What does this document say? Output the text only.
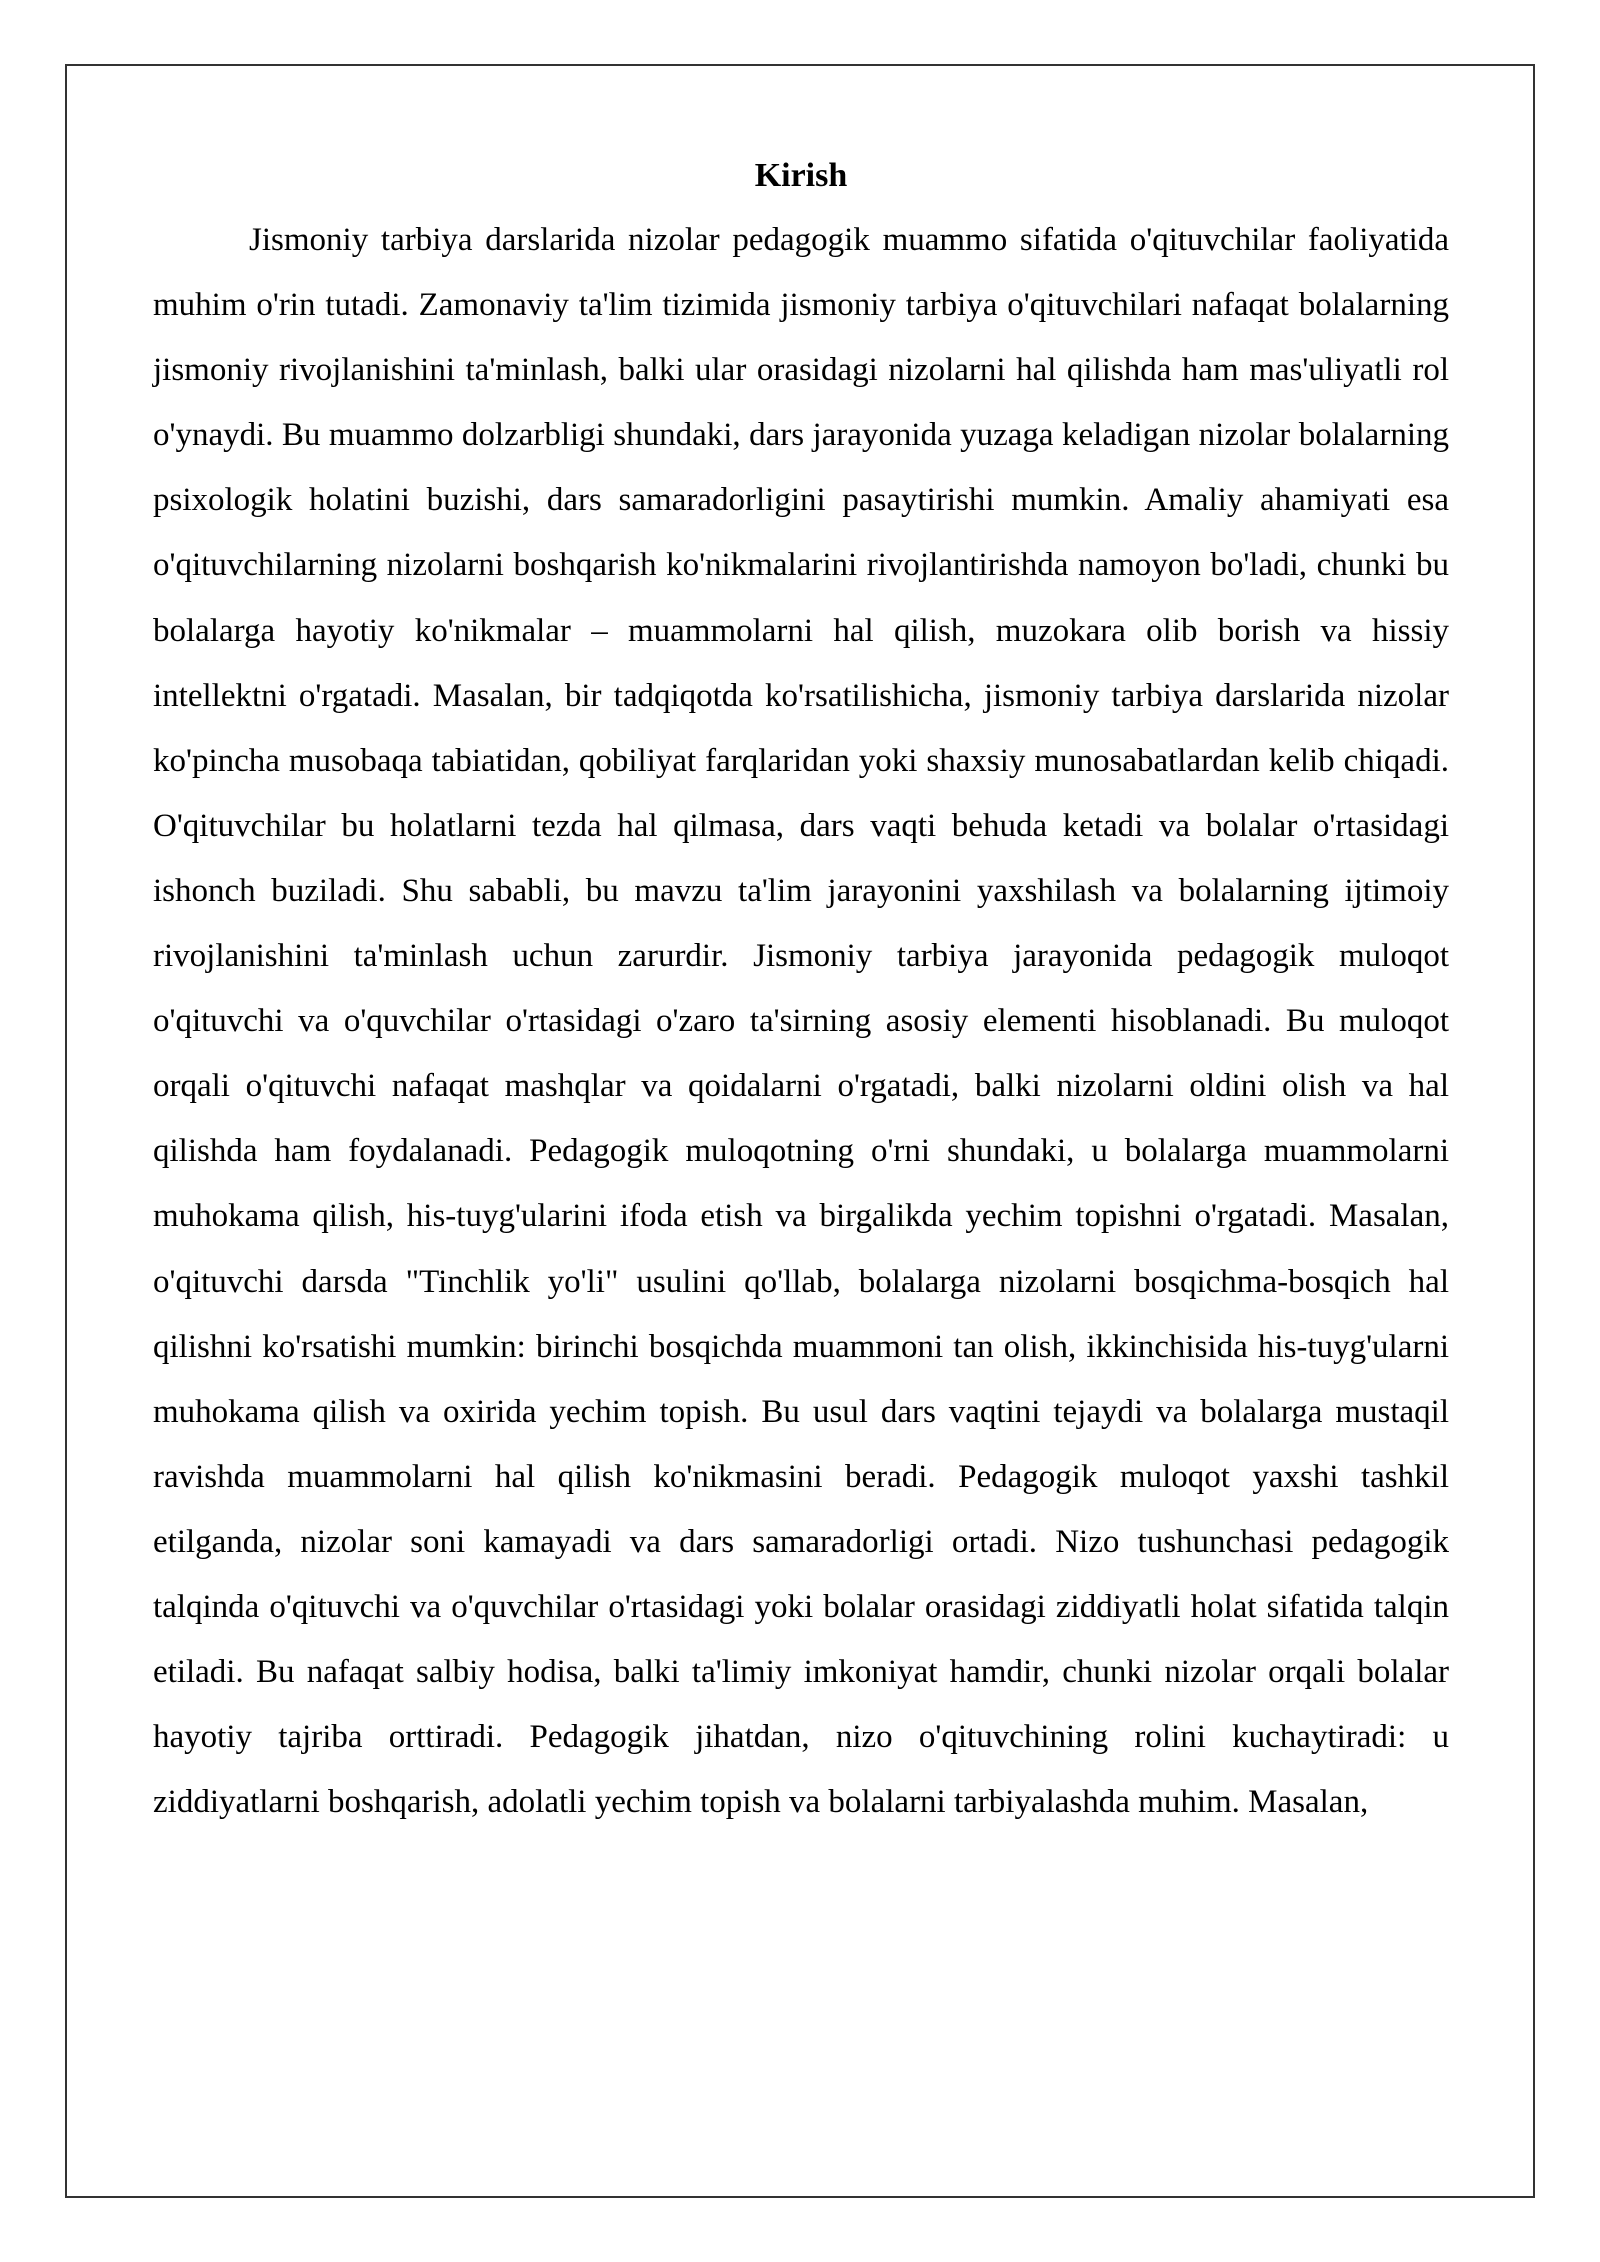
Kirish

Jismoniy tarbiya darslarida nizolar pedagogik muammo sifatida o'qituvchilar faoliyatida muhim o'rin tutadi. Zamonaviy ta'lim tizimida jismoniy tarbiya o'qituvchilari nafaqat bolalarning jismoniy rivojlanishini ta'minlash, balki ular orasidagi nizolarni hal qilishda ham mas'uliyatli rol o'ynaydi. Bu muammo dolzarbligi shundaki, dars jarayonida yuzaga keladigan nizolar bolalarning psixologik holatini buzishi, dars samaradorligini pasaytirishi mumkin. Amaliy ahamiyati esa o'qituvchilarning nizolarni boshqarish ko'nikmalarini rivojlantirishda namoyon bo'ladi, chunki bu bolalarga hayotiy ko'nikmalar – muammolarni hal qilish, muzokara olib borish va hissiy intellektni o'rgatadi. Masalan, bir tadqiqotda ko'rsatilishicha, jismoniy tarbiya darslarida nizolar ko'pincha musobaqa tabiatidan, qobiliyat farqlaridan yoki shaxsiy munosabatlardan kelib chiqadi. O'qituvchilar bu holatlarni tezda hal qilmasa, dars vaqti behuda ketadi va bolalar o'rtasidagi ishonch buziladi. Shu sababli, bu mavzu ta'lim jarayonini yaxshilash va bolalarning ijtimoiy rivojlanishini ta'minlash uchun zarurdir. Jismoniy tarbiya jarayonida pedagogik muloqot o'qituvchi va o'quvchilar o'rtasidagi o'zaro ta'sirning asosiy elementi hisoblanadi. Bu muloqot orqali o'qituvchi nafaqat mashqlar va qoidalarni o'rgatadi, balki nizolarni oldini olish va hal qilishda ham foydalanadi. Pedagogik muloqotning o'rni shundaki, u bolalarga muammolarni muhokama qilish, his-tuyg'ularini ifoda etish va birgalikda yechim topishni o'rgatadi. Masalan, o'qituvchi darsda "Tinchlik yo'li" usulini qo'llab, bolalarga nizolarni bosqichma-bosqich hal qilishni ko'rsatishi mumkin: birinchi bosqichda muammoni tan olish, ikkinchisida his-tuyg'ularni muhokama qilish va oxirida yechim topish. Bu usul dars vaqtini tejaydi va bolalarga mustaqil ravishda muammolarni hal qilish ko'nikmasini beradi. Pedagogik muloqot yaxshi tashkil etilganda, nizolar soni kamayadi va dars samaradorligi ortadi. Nizo tushunchasi pedagogik talqinda o'qituvchi va o'quvchilar o'rtasidagi yoki bolalar orasidagi ziddiyatli holat sifatida talqin etiladi. Bu nafaqat salbiy hodisa, balki ta'limiy imkoniyat hamdir, chunki nizolar orqali bolalar hayotiy tajriba orttiradi. Pedagogik jihatdan, nizo o'qituvchining rolini kuchaytiradi: u ziddiyatlarni boshqarish, adolatli yechim topish va bolalarni tarbiyalashda muhim. Masalan,
